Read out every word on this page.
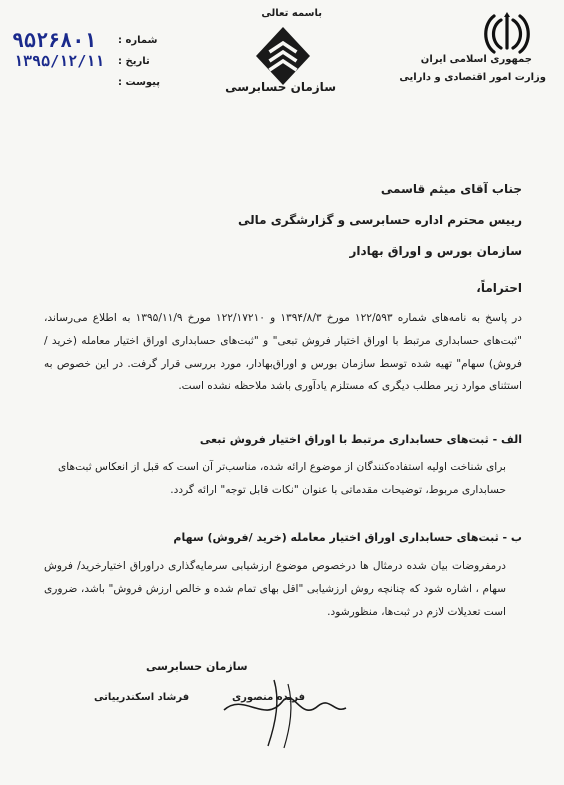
جمهوری اسلامی ایران
وزارت امور اقتصادی و دارایی
باسمه تعالی
سازمان حسابرسی
شماره :
۹۵۲۶۸۰۱
تاریخ :
۱۳۹۵/۱۲/۱۱
پیوست :
جناب آقای میثم قاسمی
رییس محترم اداره حسابرسی و گزارشگری مالی
سازمان بورس و اوراق بهادار
احتراماً،
در پاسخ به نامه‌های شماره ۱۲۲/۵۹۳ مورخ ۱۳۹۴/۸/۳ و ۱۲۲/۱۷۲۱۰ مورخ ۱۳۹۵/۱۱/۹ به اطلاع می‌رساند، "ثبت‌های حسابداری مرتبط با اوراق اختیار فروش تبعی" و "ثبت‌های حسابداری اوراق اختیار معامله (خرید /فروش) سهام" تهیه شده توسط سازمان بورس و اوراق‌بهادار، مورد بررسی قرار گرفت. در این خصوص به استثنای موارد زیر مطلب دیگری که مستلزم یادآوری باشد ملاحظه نشده است.
الف - ثبت‌های حسابداری مرتبط با اوراق اختیار فروش تبعی
برای شناخت اولیه استفاده‌کنندگان از موضوع ارائه شده، مناسب‌تر آن است که قبل از انعکاس ثبت‌های حسابداری مربوط، توضیحات مقدماتی با عنوان "نکات قابل توجه" ارائه گردد.
ب - ثبت‌های حسابداری اوراق اختیار معامله (خرید /فروش) سهام
درمفروضات بیان شده درمثال ها درخصوص موضوع ارزشیابی سرمایه‌گذاری دراوراق اختیارخرید/ فروش سهام ، اشاره شود که چنانچه روش ارزشیابی "اقل بهای تمام شده و خالص ارزش فروش" باشد، ضروری است تعدیلات لازم در ثبت‌ها، منظورشود.
سازمان حسابرسی
فریده منصوری
فرشاد اسکندرییاتی
